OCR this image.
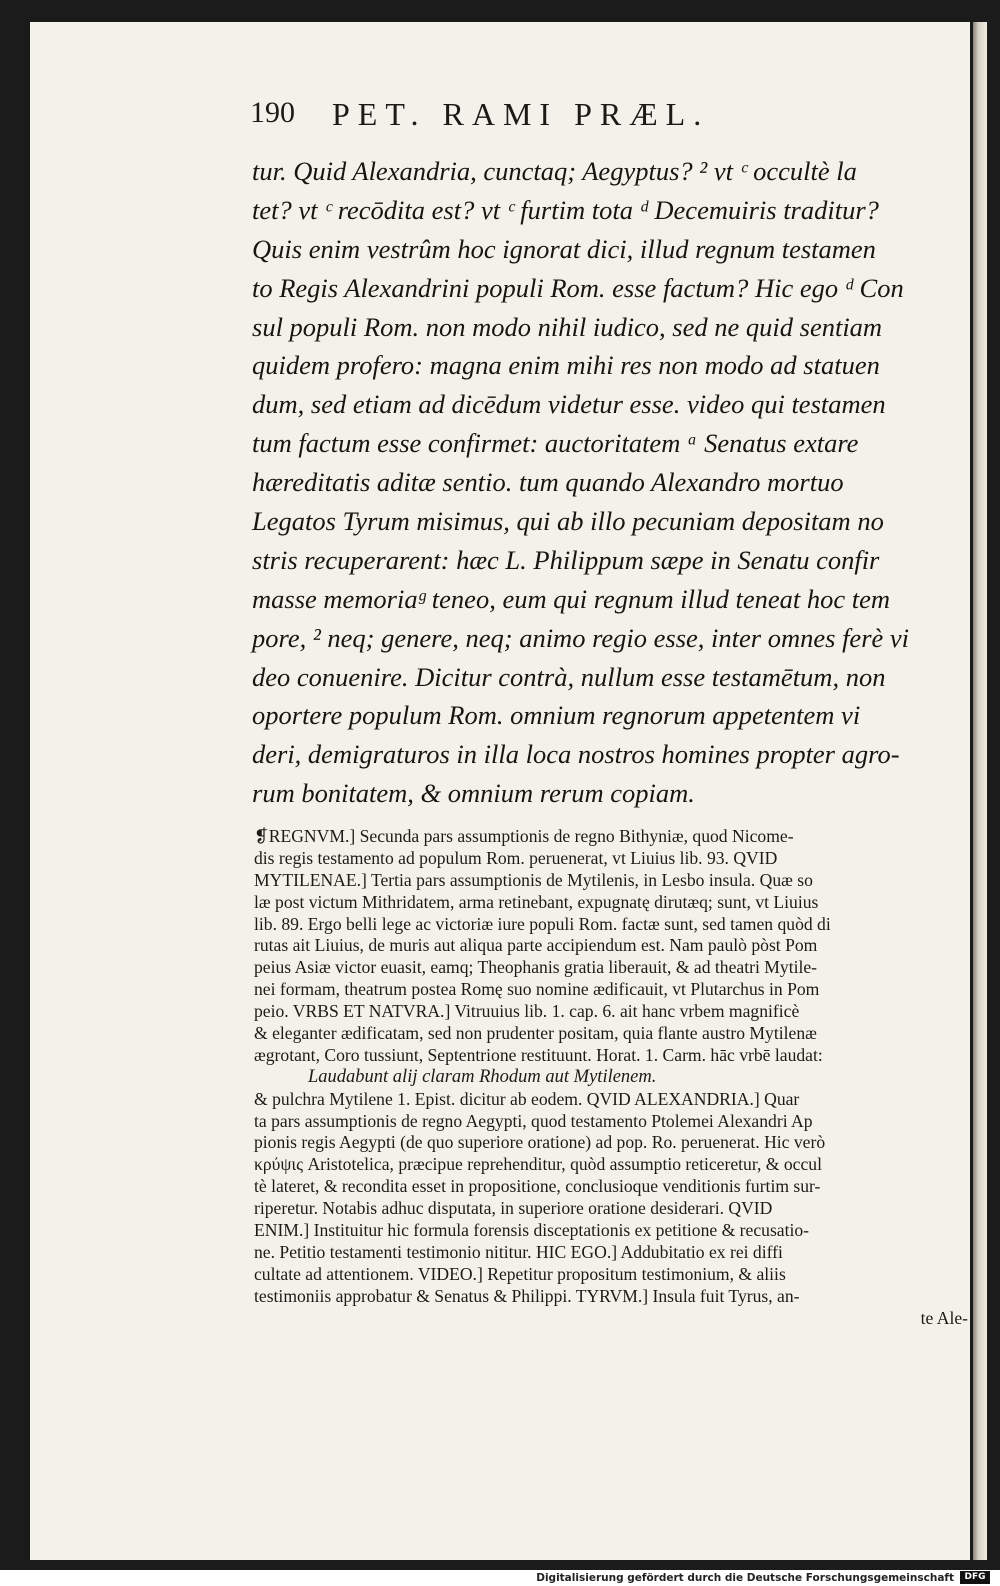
190 PET. RAMI PRÆL.
tur. Quid Alexandria, cunctaq; Aegyptus? ² vt ᶜ occultè la
tet? vt ᶜ recōdita est? vt ᶜ furtim tota ᵈ Decemuiris traditur?
Quis enim vestrûm hoc ignorat dici, illud regnum testamen
to Regis Alexandrini populi Rom. esse factum? Hic ego ᵈ Con
sul populi Rom. non modo nihil iudico, sed ne quid sentiam
quidem profero: magna enim mihi res non modo ad statuen
dum, sed etiam ad dicēdum videtur esse. video qui testamen
tum factum esse confirmet: auctoritatem ᵃ Senatus extare
hæreditatis aditæ sentio. tum quando Alexandro mortuo
Legatos Tyrum misimus, qui ab illo pecuniam depositam no
stris recuperarent: hæc L. Philippum sæpe in Senatu confir
masse memoriaᵍ teneo, eum qui regnum illud teneat hoc tem
pore, ² neq; genere, neq; animo regio esse, inter omnes ferè vi
deo conuenire. Dicitur contrà, nullum esse testamētum, non
oportere populum Rom. omnium regnorum appetentem vi
deri, demigraturos in illa loca nostros homines propter agro-
rum bonitatem, & omnium rerum copiam.
❡REGNVM.] Secunda pars assumptionis de regno Bithyniæ, quod Nicome-
dis regis testamento ad populum Rom. peruenerat, vt Liuius lib. 93. QVID
MYTILENAE.] Tertia pars assumptionis de Mytilenis, in Lesbo insula. Quæ so
læ post victum Mithridatem, arma retinebant, expugnatę dirutæq; sunt, vt Liuius
lib. 89. Ergo belli lege ac victoriæ iure populi Rom. factæ sunt, sed tamen quòd di
rutas ait Liuius, de muris aut aliqua parte accipiendum est. Nam paulò pòst Pom
peius Asiæ victor euasit, eamq; Theophanis gratia liberauit, & ad theatri Mytile-
nei formam, theatrum postea Romę suo nomine ædificauit, vt Plutarchus in Pom
peio. VRBS ET NATVRA.] Vitruuius lib. 1. cap. 6. ait hanc vrbem magnificè
& eleganter ædificatam, sed non prudenter positam, quia flante austro Mytilenæ
ægrotant, Coro tussiunt, Septentrione restituunt. Horat. 1. Carm. hāc vrbē laudat:
Laudabunt alij claram Rhodum aut Mytilenem.
& pulchra Mytilene 1. Epist. dicitur ab eodem. QVID ALEXANDRIA.] Quar
ta pars assumptionis de regno Aegypti, quod testamento Ptolemei Alexandri Ap
pionis regis Aegypti (de quo superiore oratione) ad pop. Ro. peruenerat. Hic verò
κρύψις Aristotelica, præcipue reprehenditur, quòd assumptio reticeretur, & occul
tè lateret, & recondita esset in propositione, conclusioque venditionis furtim sur-
riperetur. Notabis adhuc disputata, in superiore oratione desiderari. QVID
ENIM.] Instituitur hic formula forensis disceptationis ex petitione & recusatio-
ne. Petitio testamenti testimonio nititur. HIC EGO.] Addubitatio ex rei diffi
cultate ad attentionem. VIDEO.] Repetitur propositum testimonium, & aliis
testimoniis approbatur & Senatus & Philippi. TYRVM.] Insula fuit Tyrus, an-
te Ale-
Digitalisierung gefördert durch die Deutsche Forschungsgemeinschaft	DFG
